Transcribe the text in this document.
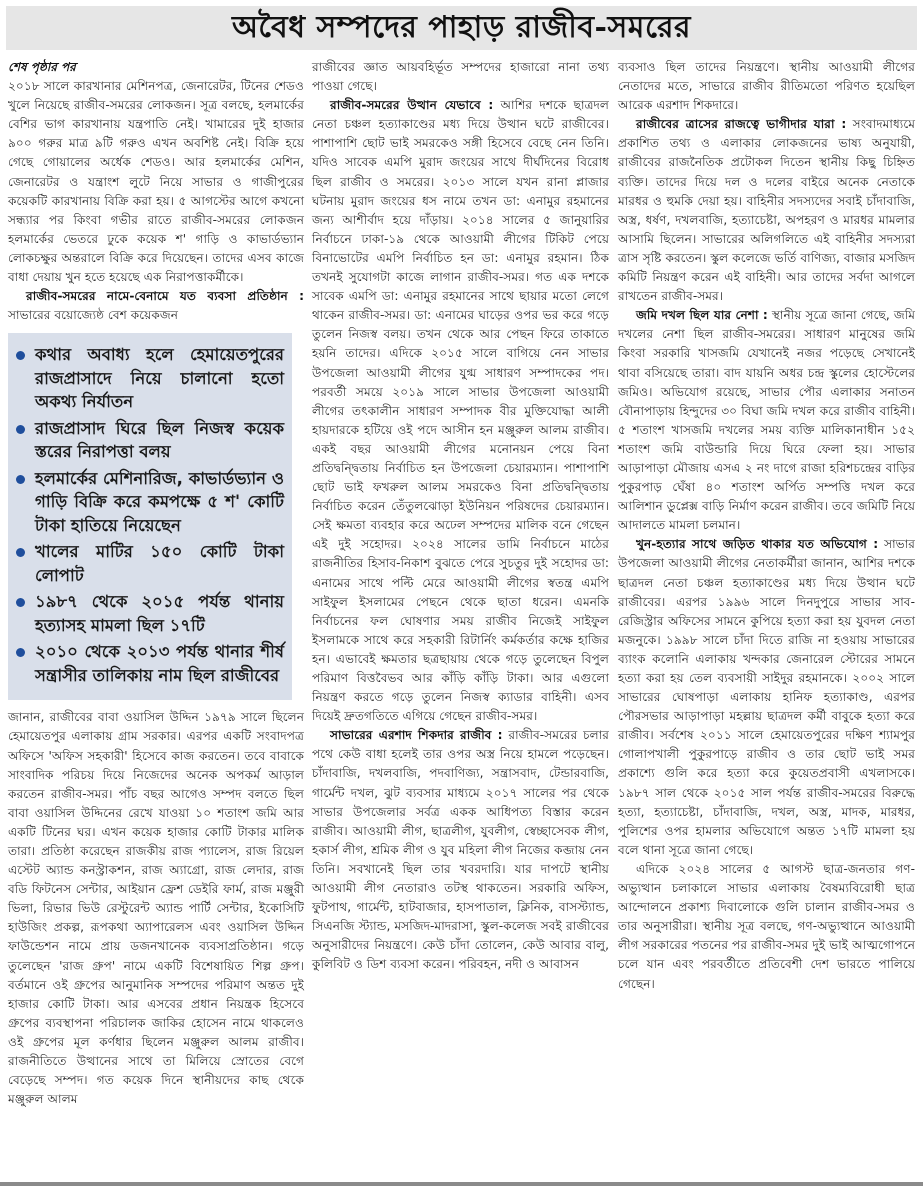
অবৈধ সম্পদের পাহাড় রাজীব-সমরের
শেষ পৃষ্ঠার পর

২০১৮ সালে কারখানার মেশিনপত্র, জেনারেটর, টিনের শেডও খুলে নিয়েছে রাজীব-সমরের লোকজন। সূত্র বলছে, হলমার্কের বেশির ভাগ কারখানায় যন্ত্রপাতি নেই। খামারের দুই হাজার ৯০০ গরুর মাত্র ৯টি গরুও এখন অবশিষ্ট নেই। বিক্রি হয়ে গেছে গোয়ালের অর্ধেক শেডও। আর হলমার্কের মেশিন, জেনারেটর ও যন্ত্রাংশ লুটে নিয়ে সাভার ও গাজীপুরের কয়েকটি কারখানায় বিক্রি করা হয়। ৫ আগস্টের আগে কখনো সন্ধ্যার পর কিংবা গভীর রাতে রাজীব-সমরের লোকজন হলমার্কের ভেতরে ঢুকে কয়েক শ' গাড়ি ও কাভার্ডভ্যান লোকচক্ষুর অন্তরালে বিক্রি করে দিয়েছেন। তাদের এসব কাজে বাধা দেয়ায় খুন হতে হয়েছে এক নিরাপত্তাকর্মীকে।

রাজীব-সমরের নামে-বেনামে যত ব্যবসা প্রতিষ্ঠান : সাভারের বয়োজ্যেষ্ঠ বেশ কয়েকজন

কথার অবাধ্য হলে হেমায়েতপুরের রাজপ্রাসাদে নিয়ে চালানো হতো অকথ্য নির্যাতন
রাজপ্রাসাদ ঘিরে ছিল নিজস্ব কয়েক স্তরের নিরাপত্তা বলয়
হলমার্কের মেশিনারিজ, কাভার্ডভ্যান ও গাড়ি বিক্রি করে কমপক্ষে ৫ শ' কোটি টাকা হাতিয়ে নিয়েছেন
খালের মাটির ১৫০ কোটি টাকা লোপাট
১৯৮৭ থেকে ২০১৫ পর্যন্ত থানায় হত্যাসহ মামলা ছিল ১৭টি
২০১০ থেকে ২০১৩ পর্যন্ত থানার শীর্ষ সন্ত্রাসীর তালিকায় নাম ছিল রাজীবের

জানান, রাজীবের বাবা ওয়াসিল উদ্দিন ১৯৭৯ সালে ছিলেন হেমায়েতপুর এলাকায় গ্রাম সরকার। এরপর একটি সংবাদপত্র অফিসে 'অফিস সহকারী' হিসেবে কাজ করতেন। তবে বাবাকে সাংবাদিক পরিচয় দিয়ে নিজেদের অনেক অপকর্ম আড়াল করতেন রাজীব-সমর। পাঁচ বছর আগেও সম্পদ বলতে ছিল বাবা ওয়াসিল উদ্দিনের রেখে যাওয়া ১০ শতাংশ জমি আর একটি টিনের ঘর। এখন কয়েক হাজার কোটি টাকার মালিক তারা। প্রতিষ্ঠা করেছেন রাজকীয় রাজ প্যালেস, রাজ রিয়েল এস্টেট অ্যান্ড কনস্ট্রাকশন, রাজ অ্যাগ্রো, রাজ লেদার, রাজ বডি ফিটনেস সেন্টার, আইয়ান ফ্রেশ ডেইরি ফার্ম, রাজ মঞ্জুরী ভিলা, রিভার ভিউ রেস্টুরেন্ট অ্যান্ড পার্টি সেন্টার, ইকোসিটি হাউজিং প্রকল্প, রূপকথা অ্যাপারেলস এবং ওয়াসিল উদ্দিন ফাউন্ডেশন নামে প্রায় ডজনখানেক ব্যবসাপ্রতিষ্ঠান। গড়ে তুলেছেন 'রাজ গ্রুপ' নামে একটি বিশেষায়িত শিল্প গ্রুপ। বর্তমানে ওই গ্রুপের আনুমানিক সম্পদের পরিমাণ অন্তত দুই হাজার কোটি টাকা। আর এসবের প্রধান নিয়ন্ত্রক হিসেবে গ্রুপের ব্যবস্থাপনা পরিচালক জাকির হোসেন নামে থাকলেও ওই গ্রুপের মূল কর্ণধার ছিলেন মঞ্জুরুল আলম রাজীব। রাজনীতিতে উত্থানের সাথে তা মিলিয়ে স্রোতের বেগে বেড়েছে সম্পদ। গত কয়েক দিনে স্থানীয়দের কাছ থেকে মঞ্জুরুল আলম

রাজীবের জ্ঞাত আয়বহির্ভূত সম্পদের হাজারো নানা তথ্য পাওয়া গেছে।

রাজীব-সমরের উত্থান যেভাবে : আশির দশকে ছাত্রদল নেতা চঞ্চল হত্যাকাণ্ডের মধ্য দিয়ে উত্থান ঘটে রাজীবের। পাশাপাশি ছোট ভাই সমরকেও সঙ্গী হিসেবে বেছে নেন তিনি। যদিও সাবেক এমপি মুরাদ জংয়ের সাথে দীর্ঘদিনের বিরোধ ছিল রাজীব ও সমরের। ২০১৩ সালে যখন রানা প্লাজার ঘটনায় মুরাদ জংয়ের ধস নামে তখন ডা: এনামুর রহমানের জন্য আশীর্বাদ হয়ে দাঁড়ায়। ২০১৪ সালের ৫ জানুয়ারির নির্বাচনে ঢাকা-১৯ থেকে আওয়ামী লীগের টিকিট পেয়ে বিনাভোটের এমপি নির্বাচিত হন ডা: এনামুর রহমান। ঠিক তখনই সুযোগটা কাজে লাগান রাজীব-সমর। গত এক দশকে সাবেক এমপি ডা: এনামুর রহমানের সাথে ছায়ার মতো লেগে থাকেন রাজীব-সমর। ডা: এনামের ঘাড়ের ওপর ভর করে গড়ে তুলেন নিজস্ব বলয়। তখন থেকে আর পেছন ফিরে তাকাতে হয়নি তাদের। এদিকে ২০১৫ সালে বাগিয়ে নেন সাভার উপজেলা আওয়ামী লীগের যুগ্ম সাধারণ সম্পাদকের পদ। পরবর্তী সময়ে ২০১৯ সালে সাভার উপজেলা আওয়ামী লীগের তৎকালীন সাধারণ সম্পাদক বীর মুক্তিযোদ্ধা আলী হায়দারকে হটিয়ে ওই পদে আসীন হন মঞ্জুরুল আলম রাজীব। একই বছর আওয়ামী লীগের মনোনয়ন পেয়ে বিনা প্রতিদ্বন্দ্বিতায় নির্বাচিত হন উপজেলা চেয়ারম্যান। পাশাপাশি ছোট ভাই ফখরুল আলম সমরকেও বিনা প্রতিদ্বন্দ্বিতায় নির্বাচিত করেন তেঁতুলঝোড়া ইউনিয়ন পরিষদের চেয়ারম্যান। সেই ক্ষমতা ব্যবহার করে অঢেল সম্পদের মালিক বনে গেছেন এই দুই সহোদর। ২০২৪ সালের ডামি নির্বাচনে মাঠের রাজনীতির হিসাব-নিকাশ বুঝতে পেরে সুচতুর দুই সহোদর ডা: এনামের সাথে পল্টি মেরে আওয়ামী লীগের স্বতন্ত্র এমপি সাইফুল ইসলামের পেছনে থেকে ছাতা ধরেন। এমনকি নির্বাচনের ফল ঘোষণার সময় রাজীব নিজেই সাইফুল ইসলামকে সাথে করে সহকারী রিটার্নিং কর্মকর্তার কক্ষে হাজির হন। এভাবেই ক্ষমতার ছত্রছায়ায় থেকে গড়ে তুলেছেন বিপুল পরিমাণ বিত্তবৈভব আর কাঁড়ি কাঁড়ি টাকা। আর এগুলো নিয়ন্ত্রণ করতে গড়ে তুলেন নিজস্ব ক্যাডার বাহিনী। এসব দিয়েই দ্রুতগতিতে এগিয়ে গেছেন রাজীব-সমর।

সাভারের এরশাদ শিকদার রাজীব : রাজীব-সমরের চলার পথে কেউ বাধা হলেই তার ওপর অস্ত্র নিয়ে হামলে পড়েছেন। চাঁদাবাজি, দখলবাজি, পদবাণিজ্য, সন্ত্রাসবাদ, টেন্ডারবাজি, গার্মেন্ট দখল, ঝুট ব্যবসার মাধ্যমে ২০১৭ সালের পর থেকে সাভার উপজেলার সর্বত্র একক আধিপত্য বিস্তার করেন রাজীব। আওয়ামী লীগ, ছাত্রলীগ, যুবলীগ, স্বেচ্ছাসেবক লীগ, হকার্স লীগ, শ্রমিক লীগ ও যুব মহিলা লীগ নিজের কব্জায় নেন তিনি। সবখানেই ছিল তার খবরদারি। যার দাপটে স্থানীয় আওয়ামী লীগ নেতারাও তটস্থ থাকতেন। সরকারি অফিস, ফুটপাথ, গার্মেন্ট, হাটবাজার, হাসপাতাল, ক্লিনিক, বাসস্ট্যান্ড, সিএনজি স্ট্যান্ড, মসজিদ-মাদরাসা, স্কুল-কলেজ সবই রাজীবের অনুসারীদের নিয়ন্ত্রণে। কেউ চাঁদা তোলেন, কেউ আবার বালু, কুলিবিট ও ডিশ ব্যবসা করেন। পরিবহন, নদী ও আবাসন

ব্যবসাও ছিল তাদের নিয়ন্ত্রণে। স্থানীয় আওয়ামী লীগের নেতাদের মতে, সাভারে রাজীব রীতিমতো পরিণত হয়েছিল আরেক এরশাদ শিকদারে।

রাজীবের ত্রাসের রাজত্বে ভাগীদার যারা : সংবাদমাধ্যমে প্রকাশিত তথ্য ও এলাকার লোকজনের ভাষ্য অনুযায়ী, রাজীবের রাজনৈতিক প্রটোকল দিতেন স্থানীয় কিছু চিহ্নিত ব্যক্তি। তাদের দিয়ে দল ও দলের বাইরে অনেক নেতাকে মারধর ও হুমকি দেয়া হয়। বাহিনীর সদস্যদের সবাই চাঁদাবাজি, অস্ত্র, ধর্ষণ, দখলবাজি, হত্যাচেষ্টা, অপহরণ ও মারধর মামলার আসামি ছিলেন। সাভারের অলিগলিতে এই বাহিনীর সদস্যরা ত্রাস সৃষ্টি করতেন। স্কুল কলেজে ভর্তি বাণিজ্য, বাজার মসজিদ কমিটি নিয়ন্ত্রণ করেন এই বাহিনী। আর তাদের সর্বদা আগলে রাখতেন রাজীব-সমর।

জমি দখল ছিল যার নেশা : স্থানীয় সূত্রে জানা গেছে, জমি দখলের নেশা ছিল রাজীব-সমরের। সাধারণ মানুষের জমি কিংবা সরকারি খাসজমি যেখানেই নজর পড়েছে সেখানেই থাবা বসিয়েছে তারা। বাদ যায়নি অধর চন্দ্র স্কুলের হোস্টেলের জমিও। অভিযোগ রয়েছে, সাভার পৌর এলাকার সনাতন বৌনাপাড়ায় হিন্দুদের ৩০ বিঘা জমি দখল করে রাজীব বাহিনী। ৫ শতাংশ খাসজমি দখলের সময় ব্যক্তি মালিকানাধীন ১৫২ শতাংশ জমি বাউন্ডারি দিয়ে ঘিরে ফেলা হয়। সাভার আড়াপাড়া মৌজায় এসএ ২ নং দাগে রাজা হরিশচন্দ্রের বাড়ির পুকুরপাড় ঘেঁষা ৪০ শতাংশ অর্পিত সম্পত্তি দখল করে আলিশান ডুপ্লেক্স বাড়ি নির্মাণ করেন রাজীব। তবে জমিটি নিয়ে আদালতে মামলা চলমান।

খুন-হত্যার সাথে জড়িত থাকার যত অভিযোগ : সাভার উপজেলা আওয়ামী লীগের নেতাকর্মীরা জানান, আশির দশকে ছাত্রদল নেতা চঞ্চল হত্যাকাণ্ডের মধ্য দিয়ে উত্থান ঘটে রাজীবের। এরপর ১৯৯৬ সালে দিনদুপুরে সাভার সাব-রেজিস্ট্রার অফিসের সামনে কুপিয়ে হত্যা করা হয় যুবদল নেতা মজনুকে। ১৯৯৮ সালে চাঁদা দিতে রাজি না হওয়ায় সাভারের ব্যাংক কলোনি এলাকায় খন্দকার জেনারেল স্টোরের সামনে হত্যা করা হয় তেল ব্যবসায়ী সাইদুর রহমানকে। ২০০২ সালে সাভারের ঘোষপাড়া এলাকায় হানিফ হত্যাকাণ্ড, এরপর পৌরসভার আড়াপাড়া মহল্লায় ছাত্রদল কর্মী বাবুকে হত্যা করে রাজীব। সর্বশেষ ২০১১ সালে হেমায়েতপুরের দক্ষিণ শ্যামপুর গোলাপখালী পুকুরপাড়ে রাজীব ও তার ছোট ভাই সমর প্রকাশ্যে গুলি করে হত্যা করে কুয়েতপ্রবাসী এখলাসকে। ১৯৮৭ সাল থেকে ২০১৫ সাল পর্যন্ত রাজীব-সমরের বিরুদ্ধে হত্যা, হত্যাচেষ্টা, চাঁদাবাজি, দখল, অস্ত্র, মাদক, মারধর, পুলিশের ওপর হামলার অভিযোগে অন্তত ১৭টি মামলা হয় বলে থানা সূত্রে জানা গেছে।

এদিকে ২০২৪ সালের ৫ আগস্ট ছাত্র-জনতার গণ-অভ্যুত্থান চলাকালে সাভার এলাকায় বৈষম্যবিরোধী ছাত্র আন্দোলনে প্রকাশ্য দিবালোকে গুলি চালান রাজীব-সমর ও তার অনুসারীরা। স্থানীয় সূত্র বলছে, গণ-অভ্যুত্থানে আওয়ামী লীগ সরকারের পতনের পর রাজীব-সমর দুই ভাই আত্মগোপনে চলে যান এবং পরবর্তীতে প্রতিবেশী দেশ ভারতে পালিয়ে গেছেন।
